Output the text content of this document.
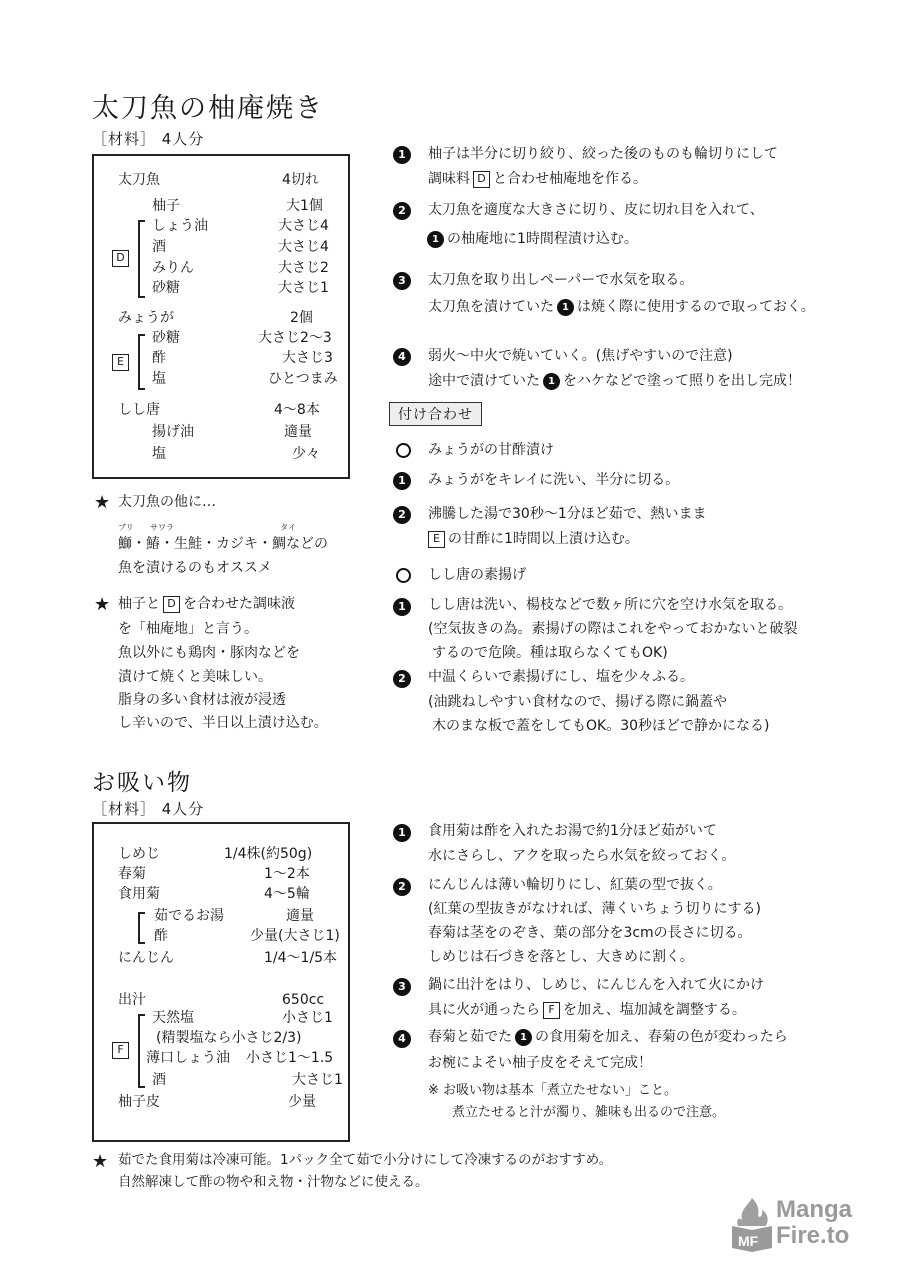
太刀魚の柚庵焼き
［材料］ 4人分
太刀魚	4切れ
柚子	大1個
しょう油	大さじ4
酒	大さじ4
みりん	大さじ2
砂糖	大さじ1
D
みょうが	2個
砂糖	大さじ2～3
酢	大さじ3
塩	ひとつまみ
E
しし唐	4～8本
揚げ油	適量
塩	少々
★ 太刀魚の他に…
ブリ サワラ	タイ
鰤・鰆・生鮭・カジキ・鯛などの
魚を漬けるのもオススメ
★ 柚子と D を合わせた調味液
を「柚庵地」と言う。
魚以外にも鶏肉・豚肉などを
漬けて焼くと美味しい。
脂身の多い食材は液が浸透
し辛いので、半日以上漬け込む。
1	柚子は半分に切り絞り、絞った後のものも輪切りにして
調味料 D と合わせ柚庵地を作る。
2	太刀魚を適度な大きさに切り、皮に切れ目を入れて、
1 の柚庵地に1時間程漬け込む。
3	太刀魚を取り出しペーパーで水気を取る。
太刀魚を漬けていた 1 は焼く際に使用するので取っておく。
4	弱火～中火で焼いていく。(焦げやすいので注意)
途中で漬けていた 1 をハケなどで塗って照りを出し完成！
付け合わせ
みょうがの甘酢漬け
1	みょうがをキレイに洗い、半分に切る。
2	沸騰した湯で30秒～1分ほど茹で、熱いまま
E の甘酢に1時間以上漬け込む。
しし唐の素揚げ
1	しし唐は洗い、楊枝などで数ヶ所に穴を空け水気を取る。
(空気抜きの為。素揚げの際はこれをやっておかないと破裂
するので危険。種は取らなくてもOK)
2	中温くらいで素揚げにし、塩を少々ふる。
(油跳ねしやすい食材なので、揚げる際に鍋蓋や
木のまな板で蓋をしてもOK。30秒ほどで静かになる)
お吸い物
［材料］ 4人分
しめじ	1/4株(約50g)
春菊	1～2本
食用菊	4～5輪
茹でるお湯	適量
酢	少量(大さじ1)
にんじん	1/4～1/5本
出汁	650cc
天然塩	小さじ1
(精製塩なら小さじ2/3)
薄口しょう油 小さじ1～1.5
酒	大さじ1
F
柚子皮	少量
1	食用菊は酢を入れたお湯で約1分ほど茹がいて
水にさらし、アクを取ったら水気を絞っておく。
2	にんじんは薄い輪切りにし、紅葉の型で抜く。
(紅葉の型抜きがなければ、薄くいちょう切りにする)
春菊は茎をのぞき、葉の部分を3cmの長さに切る。
しめじは石づきを落とし、大きめに割く。
3	鍋に出汁をはり、しめじ、にんじんを入れて火にかけ
具に火が通ったら F を加え、塩加減を調整する。
4	春菊と茹でた 1 の食用菊を加え、春菊の色が変わったら
お椀によそい柚子皮をそえて完成！
※ お吸い物は基本「煮立たせない」こと。
煮立たせると汁が濁り、雑味も出るので注意。
★ 茹でた食用菊は冷凍可能。1パック全て茹で小分けにして冷凍するのがおすすめ。
自然解凍して酢の物や和え物・汁物などに使える。
MF
Manga
Fire.to
